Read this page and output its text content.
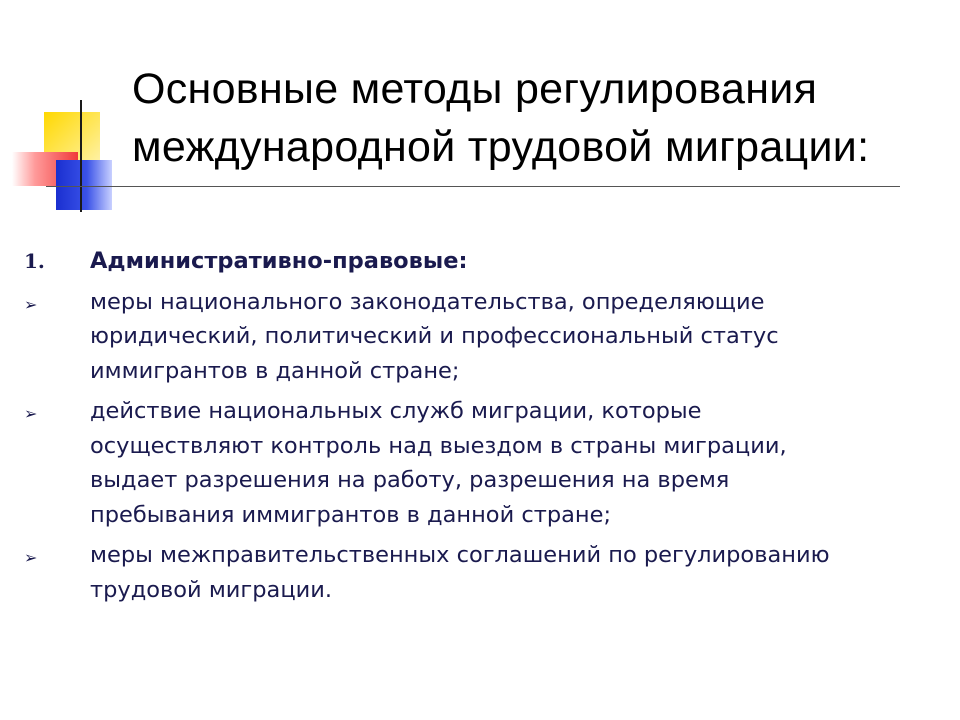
Основные методы регулирования
международной трудовой миграции:
1.	Административно-правовые:
➢	меры национального законодательства, определяющие
юридический, политический и профессиональный статус
иммигрантов в данной стране;
➢	действие национальных служб миграции, которые
осуществляют контроль над выездом в страны миграции,
выдает разрешения на работу, разрешения на время
пребывания иммигрантов в данной стране;
➢	меры межправительственных соглашений по регулированию
трудовой миграции.
